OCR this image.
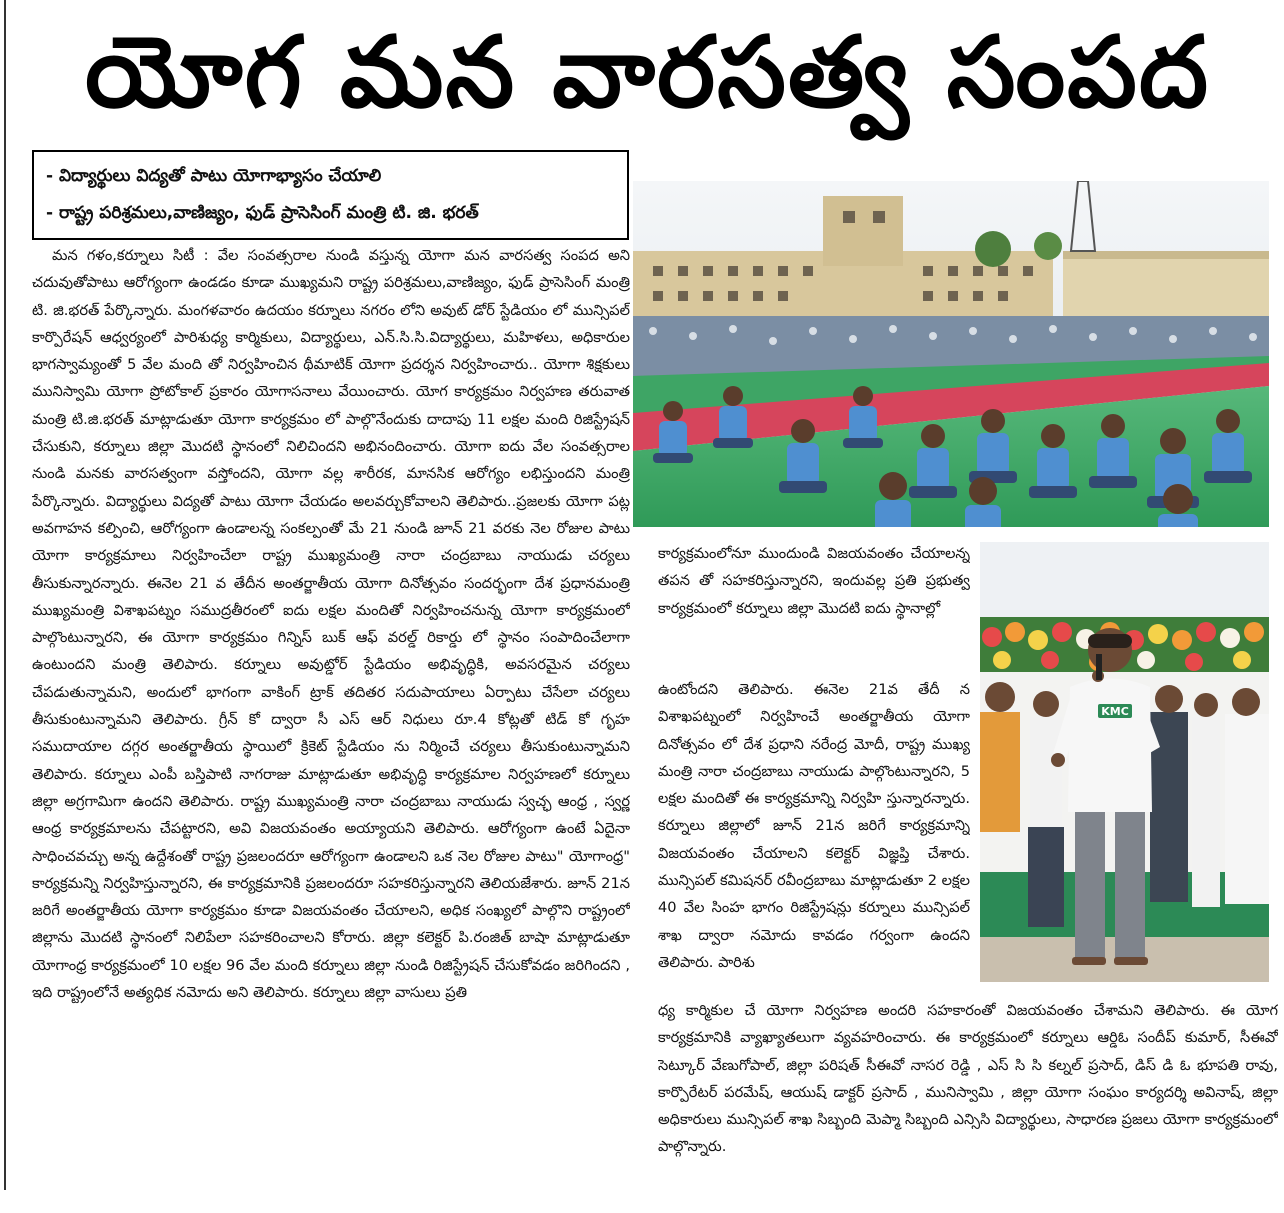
యోగ మన వారసత్వ సంపద
- విద్యార్థులు విద్యతో పాటు యోగాభ్యాసం చేయాలి
- రాష్ట్ర పరిశ్రమలు,వాణిజ్యం, ఫుడ్ ప్రాసెసింగ్ మంత్రి టి. జి. భరత్
KMC
మన గళం,కర్నూలు సిటీ : వేల సంవత్సరాల నుండి వస్తున్న యోగా మన వారసత్వ సంపద అని చదువుతోపాటు ఆరోగ్యంగా ఉండడం కూడా ముఖ్యమని రాష్ట్ర పరిశ్రమలు,వాణిజ్యం, ఫుడ్ ప్రాసెసింగ్ మంత్రి టి. జి.భరత్ పేర్కొన్నారు. మంగళవారం ఉదయం కర్నూలు నగరం లోని అవుట్ డోర్ స్టేడియం లో మున్సిపల్ కార్పొరేషన్ ఆధ్వర్యంలో పారిశుధ్య కార్మికులు, విద్యార్థులు, ఎన్.సి.సి.విద్యార్థులు, మహిళలు, అధికారుల భాగస్వామ్యంతో 5 వేల మంది తో నిర్వహించిన థీమాటిక్ యోగా ప్రదర్శన నిర్వహించారు.. యోగా శిక్షకులు మునిస్వామి యోగా ప్రోటోకాల్ ప్రకారం యోగాసనాలు వేయించారు. యోగ కార్యక్రమం నిర్వహణ తరువాత మంత్రి టి.జి.భరత్ మాట్లాడుతూ యోగా కార్యక్రమం లో పాల్గొనేందుకు దాదాపు 11 లక్షల మంది రిజిస్ట్రేషన్ చేసుకుని, కర్నూలు జిల్లా మొదటి స్థానంలో నిలిచిందని అభినందించారు. యోగా ఐదు వేల సంవత్సరాల నుండి మనకు వారసత్వంగా వస్తోందని, యోగా వల్ల శారీరక, మానసిక ఆరోగ్యం లభిస్తుందని మంత్రి పేర్కొన్నారు. విద్యార్థులు విద్యతో పాటు యోగా చేయడం అలవర్చుకోవాలని తెలిపారు..ప్రజలకు యోగా పట్ల అవగాహన కల్పించి, ఆరోగ్యంగా ఉండాలన్న సంకల్పంతో మే 21 నుండి జూన్ 21 వరకు నెల రోజుల పాటు యోగా కార్యక్రమాలు నిర్వహించేలా రాష్ట్ర ముఖ్యమంత్రి నారా చంద్రబాబు నాయుడు చర్యలు తీసుకున్నారన్నారు. ఈనెల 21 వ తేదీన అంతర్జాతీయ యోగా దినోత్సవం సందర్భంగా దేశ ప్రధానమంత్రి ముఖ్యమంత్రి విశాఖపట్నం సముద్రతీరంలో ఐదు లక్షల మందితో నిర్వహించనున్న యోగా కార్యక్రమంలో పాల్గొంటున్నారని, ఈ యోగా కార్యక్రమం గిన్నిస్ బుక్ ఆఫ్ వరల్డ్ రికార్డు లో స్థానం సంపాదించేలాగా ఉంటుందని మంత్రి తెలిపారు. కర్నూలు అవుట్డోర్ స్టేడియం అభివృద్ధికి, అవసరమైన చర్యలు చేపడుతున్నామని, అందులో భాగంగా వాకింగ్ ట్రాక్ తదితర సదుపాయాలు ఏర్పాటు చేసేలా చర్యలు తీసుకుంటున్నామని తెలిపారు. గ్రీన్ కో ద్వారా సీ ఎస్ ఆర్ నిధులు రూ.4 కోట్లతో టిడ్ కో గృహ సముదాయాల దగ్గర అంతర్జాతీయ స్థాయిలో క్రికెట్ స్టేడియం ను నిర్మించే చర్యలు తీసుకుంటున్నామని తెలిపారు. కర్నూలు ఎంపీ బస్తిపాటి నాగరాజు మాట్లాడుతూ అభివృద్ధి కార్యక్రమాల నిర్వహణలో కర్నూలు జిల్లా అగ్రగామిగా ఉందని తెలిపారు. రాష్ట్ర ముఖ్యమంత్రి నారా చంద్రబాబు నాయుడు స్వచ్ఛ ఆంధ్ర , స్వర్ణ ఆంధ్ర కార్యక్రమాలను చేపట్టారని, అవి విజయవంతం అయ్యాయని తెలిపారు. ఆరోగ్యంగా ఉంటే ఏదైనా సాధించవచ్చు అన్న ఉద్దేశంతో రాష్ట్ర ప్రజలందరూ ఆరోగ్యంగా ఉండాలని ఒక నెల రోజుల పాటు" యోగాంధ్ర" కార్యక్రమన్ని నిర్వహిస్తున్నారని, ఈ కార్యక్రమానికి ప్రజలందరూ సహకరిస్తున్నారని తెలియజేశారు. జూన్ 21న జరిగే అంతర్జాతీయ యోగా కార్యక్రమం కూడా విజయవంతం చేయాలని, అధిక సంఖ్యలో పాల్గొని రాష్ట్రంలో జిల్లాను మొదటి స్థానంలో నిలిపేలా సహకరించాలని కోరారు. జిల్లా కలెక్టర్ పి.రంజిత్ బాషా మాట్లాడుతూ యోగాంధ్ర కార్యక్రమంలో 10 లక్షల 96 వేల మంది కర్నూలు జిల్లా నుండి రిజిస్ట్రేషన్ చేసుకోవడం జరిగిందని , ఇది రాష్ట్రంలోనే అత్యధిక నమోదు అని తెలిపారు. కర్నూలు జిల్లా వాసులు ప్రతి
కార్యక్రమంలోనూ ముందుండి విజయవంతం చేయాలన్న తపన తో సహకరిస్తున్నారని, ఇందువల్ల ప్రతి ప్రభుత్వ కార్యక్రమంలో కర్నూలు జిల్లా మొదటి ఐదు స్థానాల్లో
ఉంటోందని తెలిపారు. ఈనెల 21వ తేదీ న విశాఖపట్నంలో నిర్వహించే అంతర్జాతీయ యోగా దినోత్సవం లో దేశ ప్రధాని నరేంద్ర మోదీ, రాష్ట్ర ముఖ్య మంత్రి నారా చంద్రబాబు నాయుడు పాల్గొంటున్నారని, 5 లక్షల మందితో ఈ కార్యక్రమాన్ని నిర్వహి స్తున్నారన్నారు. కర్నూలు జిల్లాలో జూన్ 21న జరిగే కార్యక్రమాన్ని విజయవంతం చేయాలని కలెక్టర్ విజ్ఞప్తి చేశారు. మున్సిపల్ కమిషనర్ రవీంద్రబాబు మాట్లాడుతూ 2 లక్షల 40 వేల సింహ భాగం రిజిస్ట్రేషన్లు కర్నూలు మున్సిపల్ శాఖ ద్వారా నమోదు కావడం గర్వంగా ఉందని తెలిపారు. పారిశు
ధ్య కార్మికుల చే యోగా నిర్వహణ అందరి సహకారంతో విజయవంతం చేశామని తెలిపారు. ఈ యోగ కార్యక్రమానికి వ్యాఖ్యాతలుగా వ్యవహరించారు. ఈ కార్యక్రమంలో కర్నూలు ఆర్డిఓ సందీప్ కుమార్, సీఈవో సెట్కూర్ వేణుగోపాల్, జిల్లా పరిషత్ సీఈవో నాసర రెడ్డి , ఎస్ సి సి కల్నల్ ప్రసాద్, డిస్ డి ఓ భూపతి రావు, కార్పొరేటర్ పరమేష్, ఆయుష్ డాక్టర్ ప్రసాద్ , మునిస్వామి , జిల్లా యోగా సంఘం కార్యదర్శి అవినాష్, జిల్లా అధికారులు మున్సిపల్ శాఖ సిబ్బంది మెప్మా సిబ్బంది ఎన్సిసి విద్యార్థులు, సాధారణ ప్రజలు యోగా కార్యక్రమంలో పాల్గొన్నారు.
